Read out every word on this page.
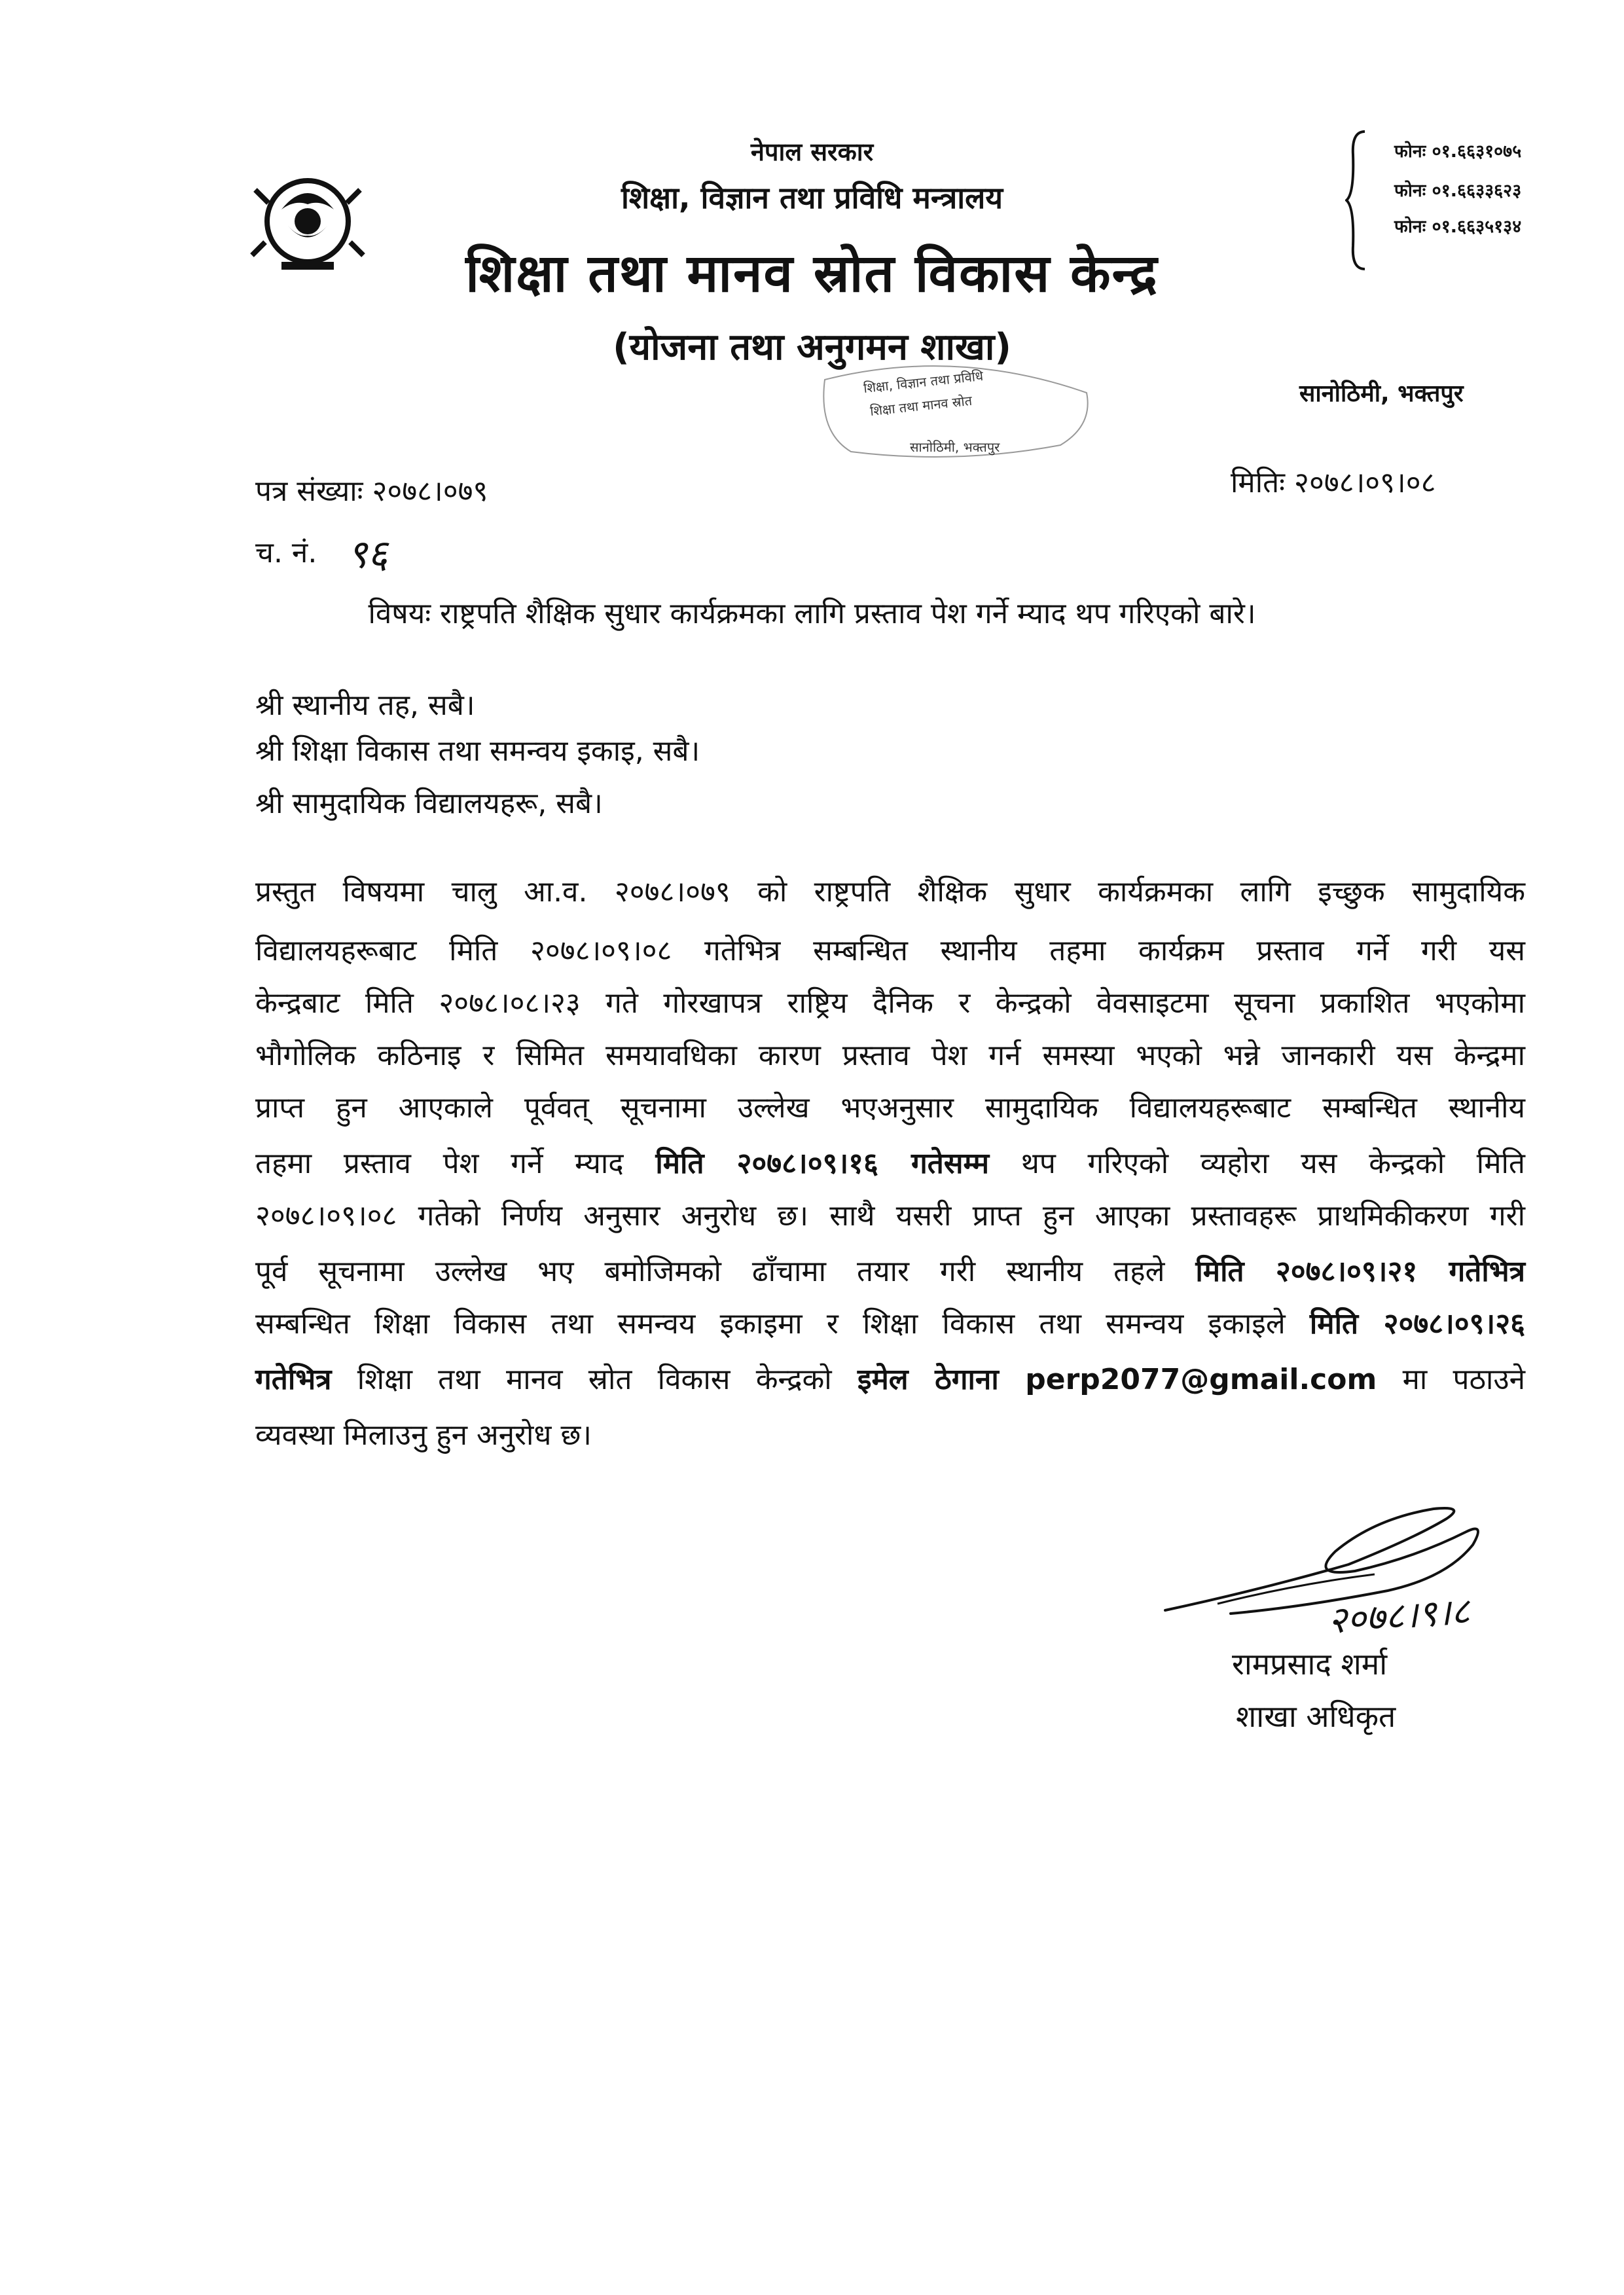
नेपाल सरकार
शिक्षा, विज्ञान तथा प्रविधि मन्त्रालय
शिक्षा तथा मानव स्रोत विकास केन्द्र
(योजना तथा अनुगमन शाखा)
फोनः ०१.६६३१०७५
फोनः ०१.६६३३६२३
फोनः ०१.६६३५१३४
सानोठिमी, भक्तपुर
शिक्षा, विज्ञान तथा प्रविधि
शिक्षा तथा मानव स्रोत
सानोठिमी, भक्तपुर
पत्र संख्याः २०७८।०७९	मितिः २०७८।०९।०८
च. नं. ९६
विषयः राष्ट्रपति शैक्षिक सुधार कार्यक्रमका लागि प्रस्ताव पेश गर्ने म्याद थप गरिएको बारे।
श्री स्थानीय तह, सबै।
श्री शिक्षा विकास तथा समन्वय इकाइ, सबै।
श्री सामुदायिक विद्यालयहरू, सबै।
प्रस्तुत विषयमा चालु आ.व. २०७८।०७९ को राष्ट्रपति शैक्षिक सुधार कार्यक्रमका लागि इच्छुक सामुदायिक
विद्यालयहरूबाट मिति २०७८।०९।०८ गतेभित्र सम्बन्धित स्थानीय तहमा कार्यक्रम प्रस्ताव गर्ने गरी यस
केन्द्रबाट मिति २०७८।०८।२३ गते गोरखापत्र राष्ट्रिय दैनिक र केन्द्रको वेवसाइटमा सूचना प्रकाशित भएकोमा
भौगोलिक कठिनाइ र सिमित समयावधिका कारण प्रस्ताव पेश गर्न समस्या भएको भन्ने जानकारी यस केन्द्रमा
प्राप्त हुन आएकाले पूर्ववत् सूचनामा उल्लेख भएअनुसार सामुदायिक विद्यालयहरूबाट सम्बन्धित स्थानीय
तहमा प्रस्ताव पेश गर्ने म्याद मिति २०७८।०९।१६ गतेसम्म थप गरिएको व्यहोरा यस केन्द्रको मिति
२०७८।०९।०८ गतेको निर्णय अनुसार अनुरोध छ। साथै यसरी प्राप्त हुन आएका प्रस्तावहरू प्राथमिकीकरण गरी
पूर्व सूचनामा उल्लेख भए बमोजिमको ढाँचामा तयार गरी स्थानीय तहले मिति २०७८।०९।२१ गतेभित्र
सम्बन्धित शिक्षा विकास तथा समन्वय इकाइमा र शिक्षा विकास तथा समन्वय इकाइले मिति २०७८।०९।२६
गतेभित्र शिक्षा तथा मानव स्रोत विकास केन्द्रको इमेल ठेगाना perp2077@gmail.com मा पठाउने
व्यवस्था मिलाउनु हुन अनुरोध छ।
२०७८।९।८
रामप्रसाद शर्मा
शाखा अधिकृत
